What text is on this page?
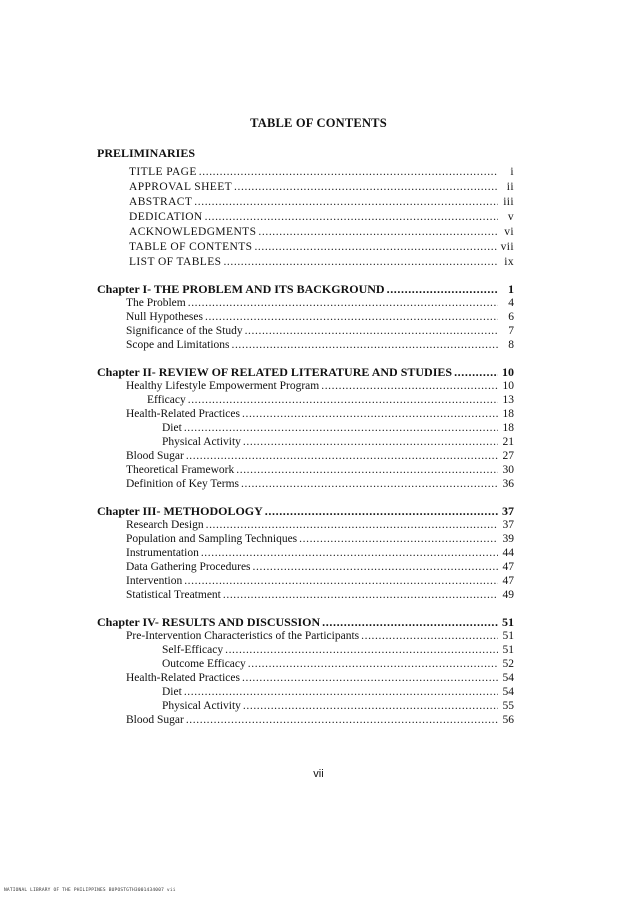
TABLE OF CONTENTS
PRELIMINARIES
TITLE PAGE .....	i
APPROVAL SHEET .....	ii
ABSTRACT .....	iii
DEDICATION .....	v
ACKNOWLEDGMENTS .....	vi
TABLE OF CONTENTS .....	vii
LIST OF TABLES .....	ix
Chapter I- THE PROBLEM AND ITS BACKGROUND .....	1
The Problem .....	4
Null Hypotheses .....	6
Significance of the Study .....	7
Scope and Limitations .....	8
Chapter II- REVIEW OF RELATED LITERATURE AND STUDIES .....	10
Healthy Lifestyle Empowerment Program .....	10
Efficacy .....	13
Health-Related Practices .....	18
Diet .....	18
Physical Activity .....	21
Blood Sugar .....	27
Theoretical Framework .....	30
Definition of Key Terms .....	36
Chapter III- METHODOLOGY .....	37
Research Design .....	37
Population and Sampling Techniques .....	39
Instrumentation .....	44
Data Gathering Procedures .....	47
Intervention .....	47
Statistical Treatment .....	49
Chapter IV- RESULTS AND DISCUSSION .....	51
Pre-Intervention Characteristics of the Participants .....	51
Self-Efficacy .....	51
Outcome Efficacy .....	52
Health-Related Practices .....	54
Diet .....	54
Physical Activity .....	55
Blood Sugar .....	56
vii
NATIONAL LIBRARY OF THE PHILIPPINES BUPOSTGTH3001434007 vii
